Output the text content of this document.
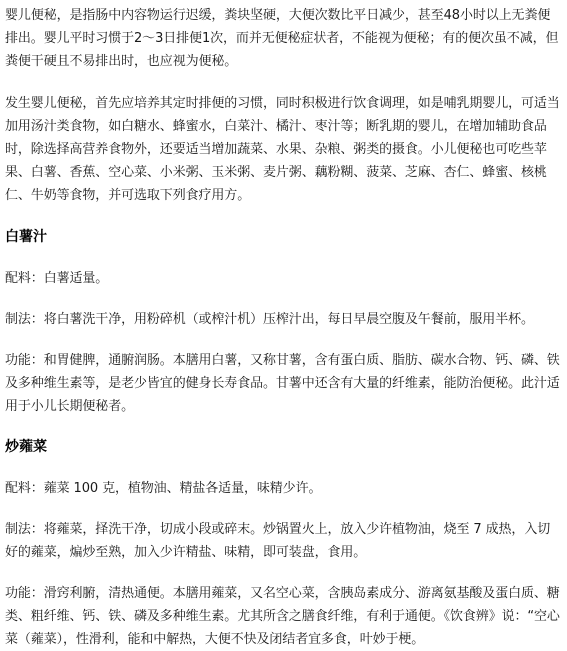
婴儿便秘，是指肠中内容物运行迟缓，粪块坚硬，大便次数比平日减少，甚至48小时以上无粪便排出。婴儿平时习惯于2～3日排便1次，而并无便秘症状者，不能视为便秘；有的便次虽不减，但粪便干硬且不易排出时，也应视为便秘。

发生婴儿便秘，首先应培养其定时排便的习惯，同时积极进行饮食调理，如是哺乳期婴儿，可适当加用汤汁类食物，如白糖水、蜂蜜水，白菜汁、橘汁、枣汁等；断乳期的婴儿，在增加辅助食品时，除选择高营养食物外，还要适当增加蔬菜、水果、杂粮、粥类的摄食。小儿便秘也可吃些苹果、白薯、香蕉、空心菜、小米粥、玉米粥、麦片粥、藕粉糊、菠菜、芝麻、杏仁、蜂蜜、核桃仁、牛奶等食物，并可选取下列食疗用方。

白薯汁

配料：白薯适量。

制法：将白薯洗干净，用粉碎机（或榨汁机）压榨汁出，每日早晨空腹及午餐前，服用半杯。

功能：和胃健脾，通腑润肠。本膳用白薯，又称甘薯，含有蛋白质、脂肪、碳水合物、钙、磷、铁及多种维生素等，是老少皆宜的健身长寿食品。甘薯中还含有大量的纤维素，能防治便秘。此汁适用于小儿长期便秘者。

炒蕹菜

配料：蕹菜 100 克，植物油、精盐各适量，味精少许。

制法：将蕹菜，择洗干净，切成小段或碎末。炒锅置火上，放入少许植物油，烧至 7 成热，入切好的蕹菜，煸炒至熟，加入少许精盐、味精，即可装盘，食用。

功能：滑窍利腑，清热通便。本膳用蕹菜，又名空心菜，含胰岛素成分、游离氨基酸及蛋白质、糖类、粗纤维、钙、铁、磷及多种维生素。尤其所含之膳食纤维，有利于通便。《饮食辨》说：“空心菜（蕹菜），性滑利，能和中解热，大便不快及闭结者宜多食，叶妙于梗。
